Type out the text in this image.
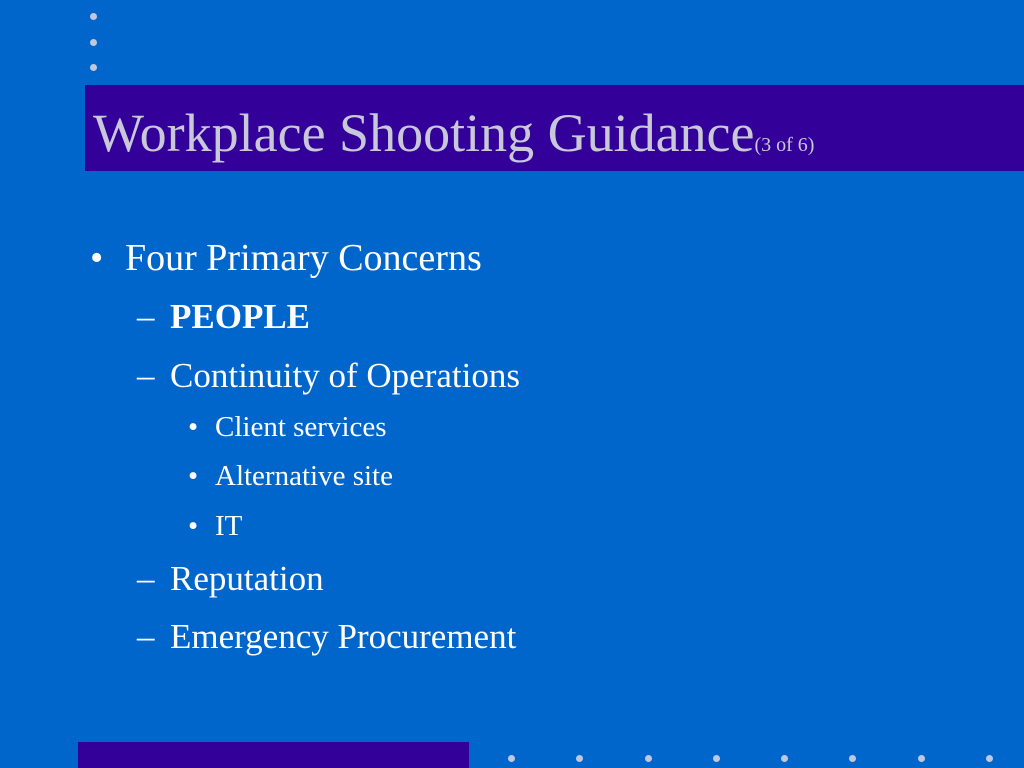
Workplace Shooting Guidance(3 of 6)
• Four Primary Concerns
– PEOPLE
– Continuity of Operations
• Client services
• Alternative site
• IT
– Reputation
– Emergency Procurement
